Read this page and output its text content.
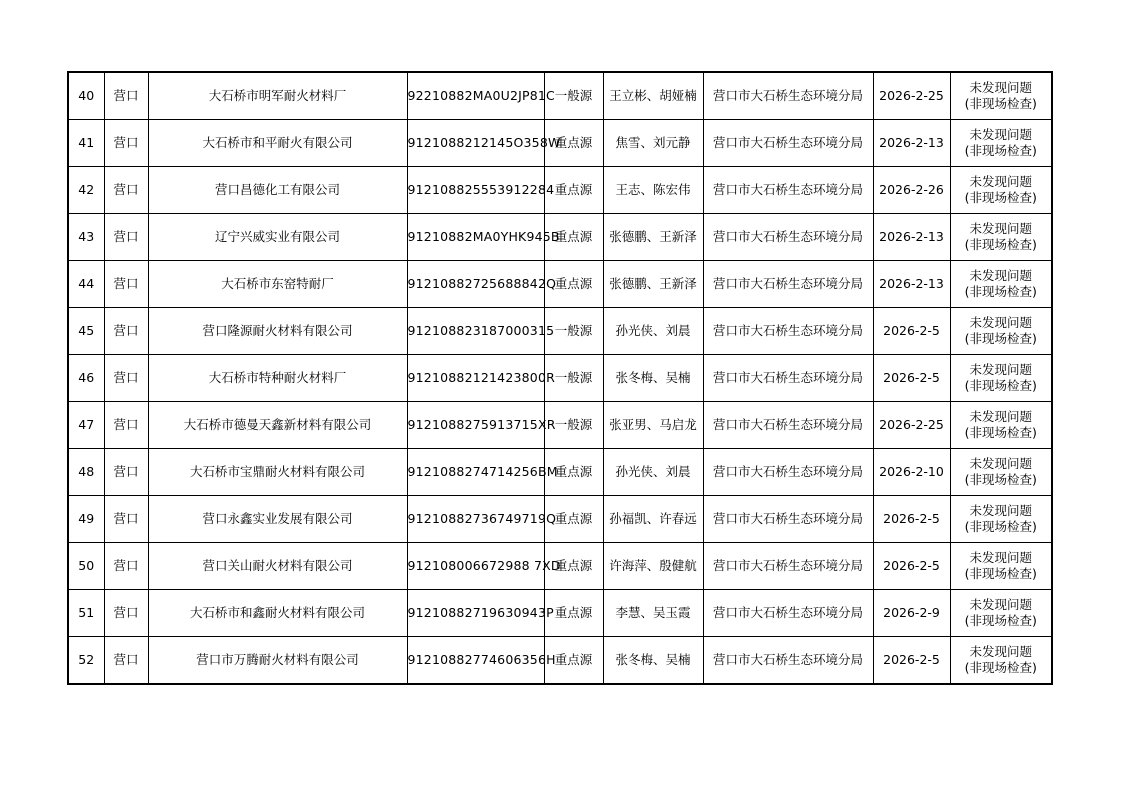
40	营口	大石桥市明军耐火材料厂	92210882MA0U2JP81C	一般源	王立彬、胡娅楠	营口市大石桥生态环境分局	2026-2-25	未发现问题
(非现场检查)

41	营口	大石桥市和平耐火有限公司	9121088212145O358W	重点源	焦雪、刘元静	营口市大石桥生态环境分局	2026-2-13	未发现问题
(非现场检查)

42	营口	营口昌德化工有限公司	912108825553912284	重点源	王志、陈宏伟	营口市大石桥生态环境分局	2026-2-26	未发现问题
(非现场检查)

43	营口	辽宁兴威实业有限公司	91210882MA0YHK945B	重点源	张德鹏、王新泽	营口市大石桥生态环境分局	2026-2-13	未发现问题
(非现场检查)

44	营口	大石桥市东窑特耐厂	91210882725688842Q	重点源	张德鹏、王新泽	营口市大石桥生态环境分局	2026-2-13	未发现问题
(非现场检查)

45	营口	营口隆源耐火材料有限公司	912108823187000315	一般源	孙光侠、刘晨	营口市大石桥生态环境分局	2026-2-5	未发现问题
(非现场检查)

46	营口	大石桥市特种耐火材料厂	91210882121423800R	一般源	张冬梅、吴楠	营口市大石桥生态环境分局	2026-2-5	未发现问题
(非现场检查)

47	营口	大石桥市德曼天鑫新材料有限公司	9121088275913715XR	一般源	张亚男、马启龙	营口市大石桥生态环境分局	2026-2-25	未发现问题
(非现场检查)

48	营口	大石桥市宝鼎耐火材料有限公司	9121088274714256BM	重点源	孙光侠、刘晨	营口市大石桥生态环境分局	2026-2-10	未发现问题
(非现场检查)

49	营口	营口永鑫实业发展有限公司	91210882736749719Q	重点源	孙福凯、许春远	营口市大石桥生态环境分局	2026-2-5	未发现问题
(非现场检查)

50	营口	营口关山耐火材料有限公司	912108006672988 7XD	重点源	许海萍、殷健航	营口市大石桥生态环境分局	2026-2-5	未发现问题
(非现场检查)

51	营口	大石桥市和鑫耐火材料有限公司	91210882719630943P	重点源	李慧、吴玉霞	营口市大石桥生态环境分局	2026-2-9	未发现问题
(非现场检查)

52	营口	营口市万腾耐火材料有限公司	91210882774606356H	重点源	张冬梅、吴楠	营口市大石桥生态环境分局	2026-2-5	未发现问题
(非现场检查)
